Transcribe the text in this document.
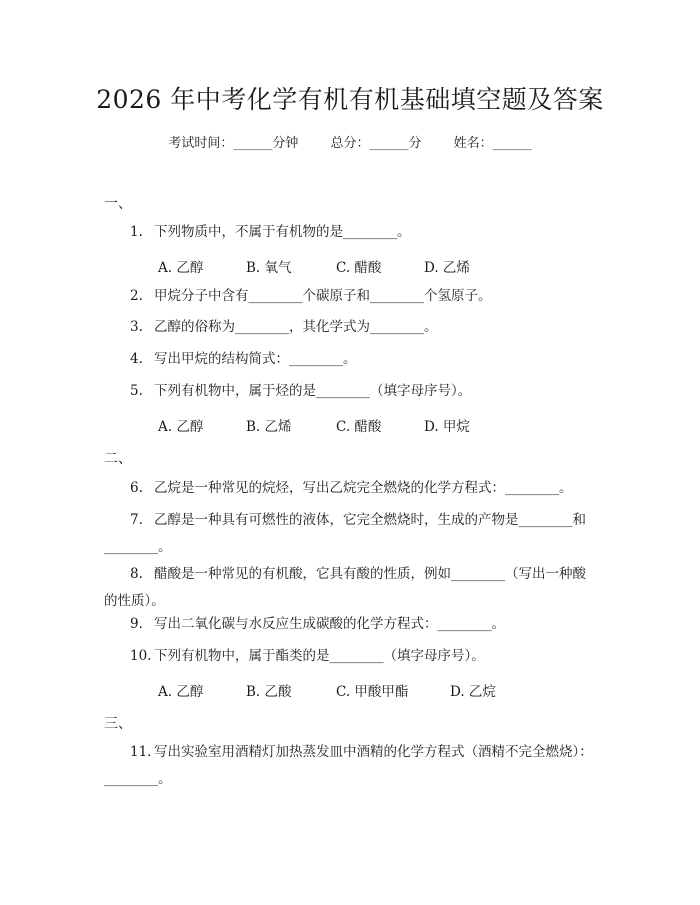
2026 年中考化学有机有机基础填空题及答案
考试时间：______分钟 总分：______分 姓名：______
一、
1. 下列物质中，不属于有机物的是________。
A. 乙醇	B. 氧气	C. 醋酸	D. 乙烯
2. 甲烷分子中含有________个碳原子和________个氢原子。
3. 乙醇的俗称为________，其化学式为________。
4. 写出甲烷的结构简式：________。
5. 下列有机物中，属于烃的是________（填字母序号）。
A. 乙醇	B. 乙烯	C. 醋酸	D. 甲烷
二、
6. 乙烷是一种常见的烷烃，写出乙烷完全燃烧的化学方程式：________。
7. 乙醇是一种具有可燃性的液体，它完全燃烧时，生成的产物是________和________。
8. 醋酸是一种常见的有机酸，它具有酸的性质，例如________（写出一种酸的性质）。
9. 写出二氧化碳与水反应生成碳酸的化学方程式：________。
10. 下列有机物中，属于酯类的是________（填字母序号）。
A. 乙醇	B. 乙酸	C. 甲酸甲酯	D. 乙烷
三、
11. 写出实验室用酒精灯加热蒸发皿中酒精的化学方程式（酒精不完全燃烧）：________。
